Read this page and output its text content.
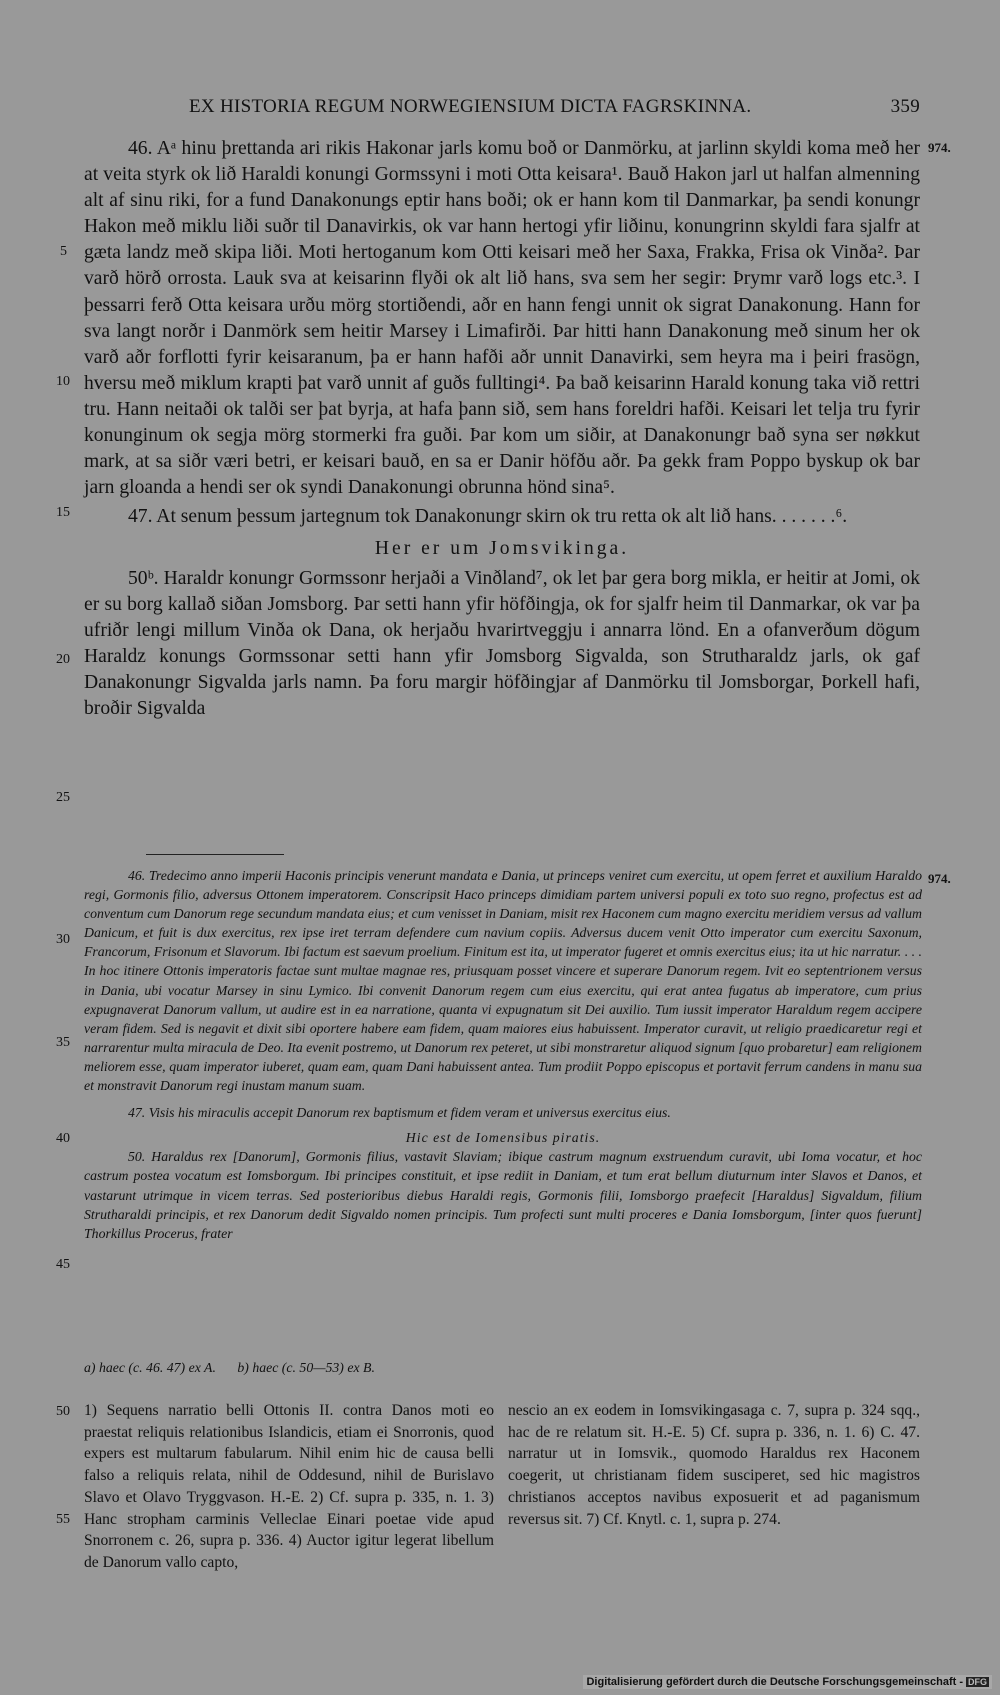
EX HISTORIA REGUM NORWEGIENSIUM DICTA FAGRSKINNA.	359
974.
974.
5
10
15
20
25
30
35
40
45
50
55

46. Aᵃ hinu þrettanda ari rikis Hakonar jarls komu boð or Danmörku, at jarlinn skyldi koma með her at veita styrk ok lið Haraldi konungi Gormssyni i moti Otta keisara¹. Bauð Hakon jarl ut halfan almenning alt af sinu riki, for a fund Danakonungs eptir hans boði; ok er hann kom til Danmarkar, þa sendi konungr Hakon með miklu liði suðr til Danavirkis, ok var hann hertogi yfir liðinu, konungrinn skyldi fara sjalfr at gæta landz með skipa liði. Moti hertoganum kom Otti keisari með her Saxa, Frakka, Frisa ok Vinða². Þar varð hörð orrosta. Lauk sva at keisarinn flyði ok alt lið hans, sva sem her segir: Þrymr varð logs etc.³. I þessarri ferð Otta keisara urðu mörg stortiðendi, aðr en hann fengi unnit ok sigrat Danakonung. Hann for sva langt norðr i Danmörk sem heitir Marsey i Limafirði. Þar hitti hann Danakonung með sinum her ok varð aðr forflotti fyrir keisaranum, þa er hann hafði aðr unnit Danavirki, sem heyra ma i þeiri frasögn, hversu með miklum krapti þat varð unnit af guðs fulltingi⁴. Þa bað keisarinn Harald konung taka við rettri tru. Hann neitaði ok talði ser þat byrja, at hafa þann sið, sem hans foreldri hafði. Keisari let telja tru fyrir konunginum ok segja mörg stormerki fra guði. Þar kom um siðir, at Danakonungr bað syna ser nøkkut mark, at sa siðr væri betri, er keisari bauð, en sa er Danir höfðu aðr. Þa gekk fram Poppo byskup ok bar jarn gloanda a hendi ser ok syndi Danakonungi obrunna hönd sina⁵.

47. At senum þessum jartegnum tok Danakonungr skirn ok tru retta ok alt lið hans. . . . . . .⁶.

Her er um Jomsvikinga.

50ᵇ. Haraldr konungr Gormssonr herjaði a Vinðland⁷, ok let þar gera borg mikla, er heitir at Jomi, ok er su borg kallað siðan Jomsborg. Þar setti hann yfir höfðingja, ok for sjalfr heim til Danmarkar, ok var þa ufriðr lengi millum Vinða ok Dana, ok herjaðu hvarirtveggju i annarra lönd. En a ofanverðum dögum Haraldz konungs Gormssonar setti hann yfir Jomsborg Sigvalda, son Strutharaldz jarls, ok gaf Danakonungr Sigvalda jarls namn. Þa foru margir höfðingjar af Danmörku til Jomsborgar, Þorkell hafi, broðir Sigvalda

46. Tredecimo anno imperii Haconis principis venerunt mandata e Dania, ut princeps veniret cum exercitu, ut opem ferret et auxilium Haraldo regi, Gormonis filio, adversus Ottonem imperatorem. Conscripsit Haco princeps dimidiam partem universi populi ex toto suo regno, profectus est ad conventum cum Danorum rege secundum mandata eius; et cum venisset in Daniam, misit rex Haconem cum magno exercitu meridiem versus ad vallum Danicum, et fuit is dux exercitus, rex ipse iret terram defendere cum navium copiis. Adversus ducem venit Otto imperator cum exercitu Saxonum, Francorum, Frisonum et Slavorum. Ibi factum est saevum proelium. Finitum est ita, ut imperator fugeret et omnis exercitus eius; ita ut hic narratur. . . . In hoc itinere Ottonis imperatoris factae sunt multae magnae res, priusquam posset vincere et superare Danorum regem. Ivit eo septentrionem versus in Dania, ubi vocatur Marsey in sinu Lymico. Ibi convenit Danorum regem cum eius exercitu, qui erat antea fugatus ab imperatore, cum prius expugnaverat Danorum vallum, ut audire est in ea narratione, quanta vi expugnatum sit Dei auxilio. Tum iussit imperator Haraldum regem accipere veram fidem. Sed is negavit et dixit sibi oportere habere eam fidem, quam maiores eius habuissent. Imperator curavit, ut religio praedicaretur regi et narrarentur multa miracula de Deo. Ita evenit postremo, ut Danorum rex peteret, ut sibi monstraretur aliquod signum [quo probaretur] eam religionem meliorem esse, quam imperator iuberet, quam eam, quam Dani habuissent antea. Tum prodiit Poppo episcopus et portavit ferrum candens in manu sua et monstravit Danorum regi inustam manum suam.

47. Visis his miraculis accepit Danorum rex baptismum et fidem veram et universus exercitus eius.

Hic est de Iomensibus piratis.

50. Haraldus rex [Danorum], Gormonis filius, vastavit Slaviam; ibique castrum magnum exstruendum curavit, ubi Ioma vocatur, et hoc castrum postea vocatum est Iomsborgum. Ibi principes constituit, et ipse rediit in Daniam, et tum erat bellum diuturnum inter Slavos et Danos, et vastarunt utrimque in vicem terras. Sed posterioribus diebus Haraldi regis, Gormonis filii, Iomsborgo praefecit [Haraldus] Sigvaldum, filium Strutharaldi principis, et rex Danorum dedit Sigvaldo nomen principis. Tum profecti sunt multi proceres e Dania Iomsborgum, [inter quos fuerunt] Thorkillus Procerus, frater

a) haec (c. 46. 47) ex A. b) haec (c. 50—53) ex B.

1) Sequens narratio belli Ottonis II. contra Danos moti eo praestat reliquis relationibus Islandicis, etiam ei Snorronis, quod expers est multarum fabularum. Nihil enim hic de causa belli falso a reliquis relata, nihil de Oddesund, nihil de Burislavo Slavo et Olavo Tryggvason. H.-E. 2) Cf. supra p. 335, n. 1. 3) Hanc stropham carminis Velleclae Einari poetae vide apud Snorronem c. 26, supra p. 336. 4) Auctor igitur legerat libellum de Danorum vallo capto,

nescio an ex eodem in Iomsvikingasaga c. 7, supra p. 324 sqq., hac de re relatum sit. H.-E. 5) Cf. supra p. 336, n. 1. 6) C. 47. narratur ut in Iomsvik., quomodo Haraldus rex Haconem coegerit, ut christianam fidem susciperet, sed hic magistros christianos acceptos navibus exposuerit et ad paganismum reversus sit. 7) Cf. Knytl. c. 1, supra p. 274.

Digitalisierung gefördert durch die Deutsche Forschungsgemeinschaft - DFG
